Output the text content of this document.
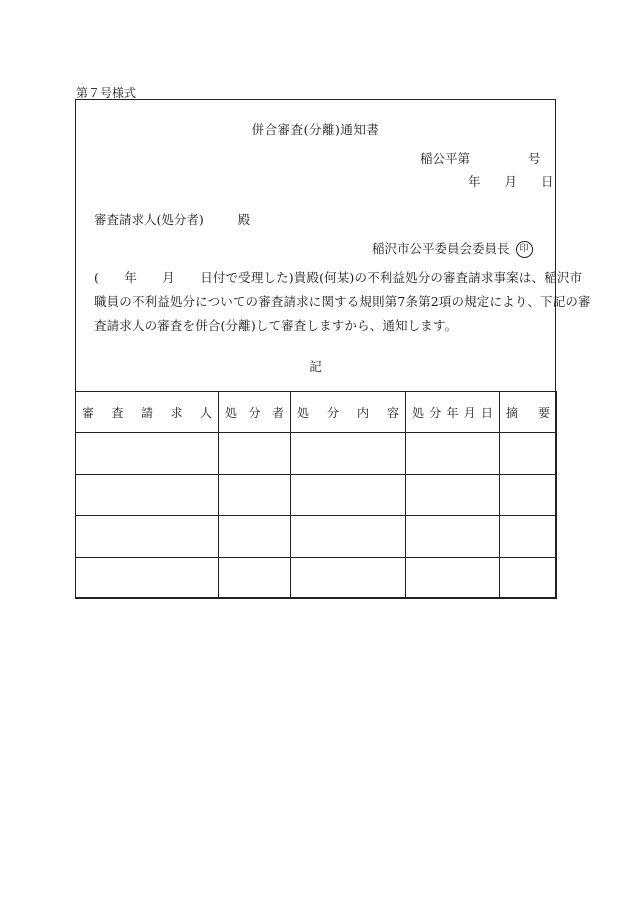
第７号様式
併合審査(分離)通知書
稲公平第	号
年 月 日
審査請求人(処分者)	殿
稲沢市公平委員会委員長 印
(　　年　　月　　日付で受理した)貴殿(何某)の不利益処分の審査請求事案は、稲沢市
職員の不利益処分についての審査請求に関する規則第7条第2項の規定により、下記の審
査請求人の審査を併合(分離)して審査しますから、通知します。
記
審 査 請 求 人	処 分 者	処 分 内 容	処 分 年 月 日	摘 要
